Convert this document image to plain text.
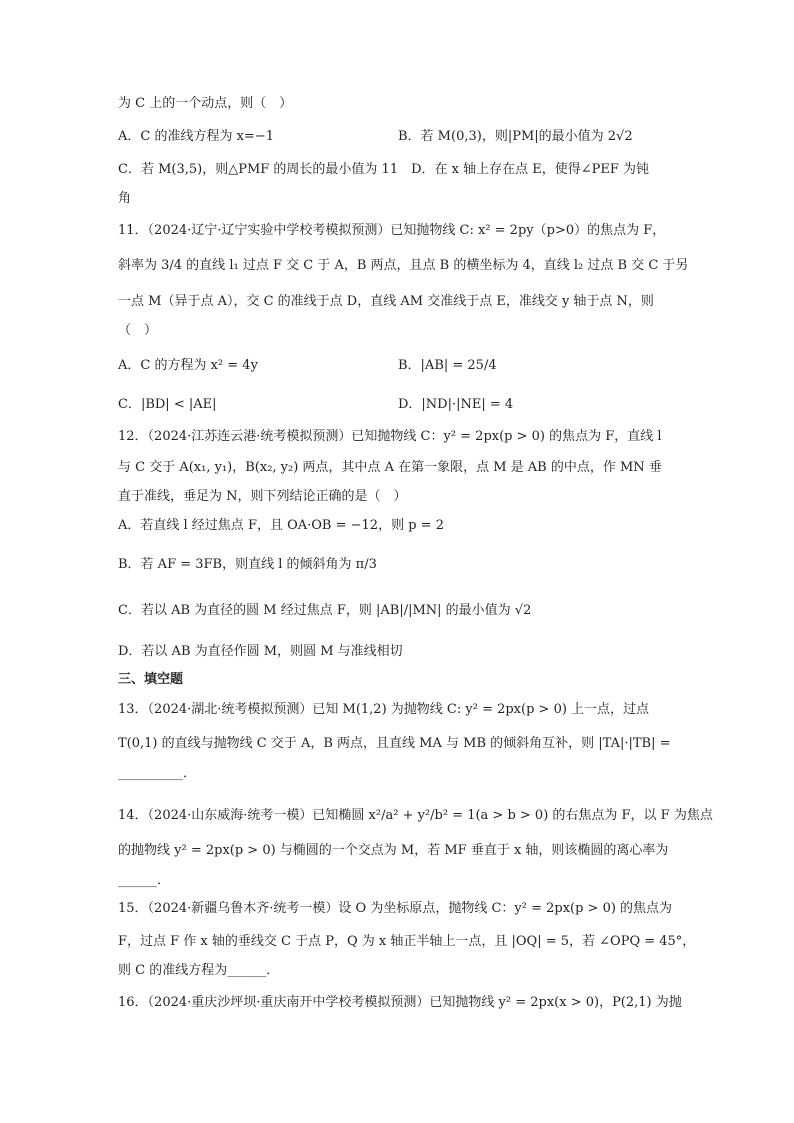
为 C 上的一个动点，则（　）
A．C 的准线方程为 x=−1	B．若 M(0,3)，则|PM|的最小值为 2√2
C．若 M(3,5)，则△PMF 的周长的最小值为 11　D．在 x 轴上存在点 E，使得∠PEF 为钝
角
11．（2024·辽宁·辽宁实验中学校考模拟预测）已知抛物线 C: x² = 2py（p>0）的焦点为 F，
斜率为 3/4 的直线 l₁ 过点 F 交 C 于 A，B 两点，且点 B 的横坐标为 4，直线 l₂ 过点 B 交 C 于另
一点 M（异于点 A），交 C 的准线于点 D，直线 AM 交准线于点 E，准线交 y 轴于点 N，则
（　）
A．C 的方程为 x² = 4y	B．|AB| = 25/4
C．|BD| < |AE|	D．|ND|·|NE| = 4
12．（2024·江苏连云港·统考模拟预测）已知抛物线 C：y² = 2px(p > 0) 的焦点为 F，直线 l
与 C 交于 A(x₁, y₁)，B(x₂, y₂) 两点，其中点 A 在第一象限，点 M 是 AB 的中点，作 MN 垂
直于准线，垂足为 N，则下列结论正确的是（　）
A．若直线 l 经过焦点 F，且 OA·OB = −12，则 p = 2
B．若 AF = 3FB，则直线 l 的倾斜角为 π/3
C．若以 AB 为直径的圆 M 经过焦点 F，则 |AB|/|MN| 的最小值为 √2
D．若以 AB 为直径作圆 M，则圆 M 与准线相切
三、填空题
13．（2024·湖北·统考模拟预测）已知 M(1,2) 为抛物线 C: y² = 2px(p > 0) 上一点，过点
T(0,1) 的直线与抛物线 C 交于 A，B 两点，且直线 MA 与 MB 的倾斜角互补，则 |TA|·|TB| =
__________．
14．（2024·山东威海·统考一模）已知椭圆 x²/a² + y²/b² = 1(a > b > 0) 的右焦点为 F，以 F 为焦点
的抛物线 y² = 2px(p > 0) 与椭圆的一个交点为 M，若 MF 垂直于 x 轴，则该椭圆的离心率为
______．
15．（2024·新疆乌鲁木齐·统考一模）设 O 为坐标原点，抛物线 C：y² = 2px(p > 0) 的焦点为
F，过点 F 作 x 轴的垂线交 C 于点 P，Q 为 x 轴正半轴上一点，且 |OQ| = 5，若 ∠OPQ = 45°，
则 C 的准线方程为______．
16．（2024·重庆沙坪坝·重庆南开中学校考模拟预测）已知抛物线 y² = 2px(x > 0)，P(2,1) 为抛
